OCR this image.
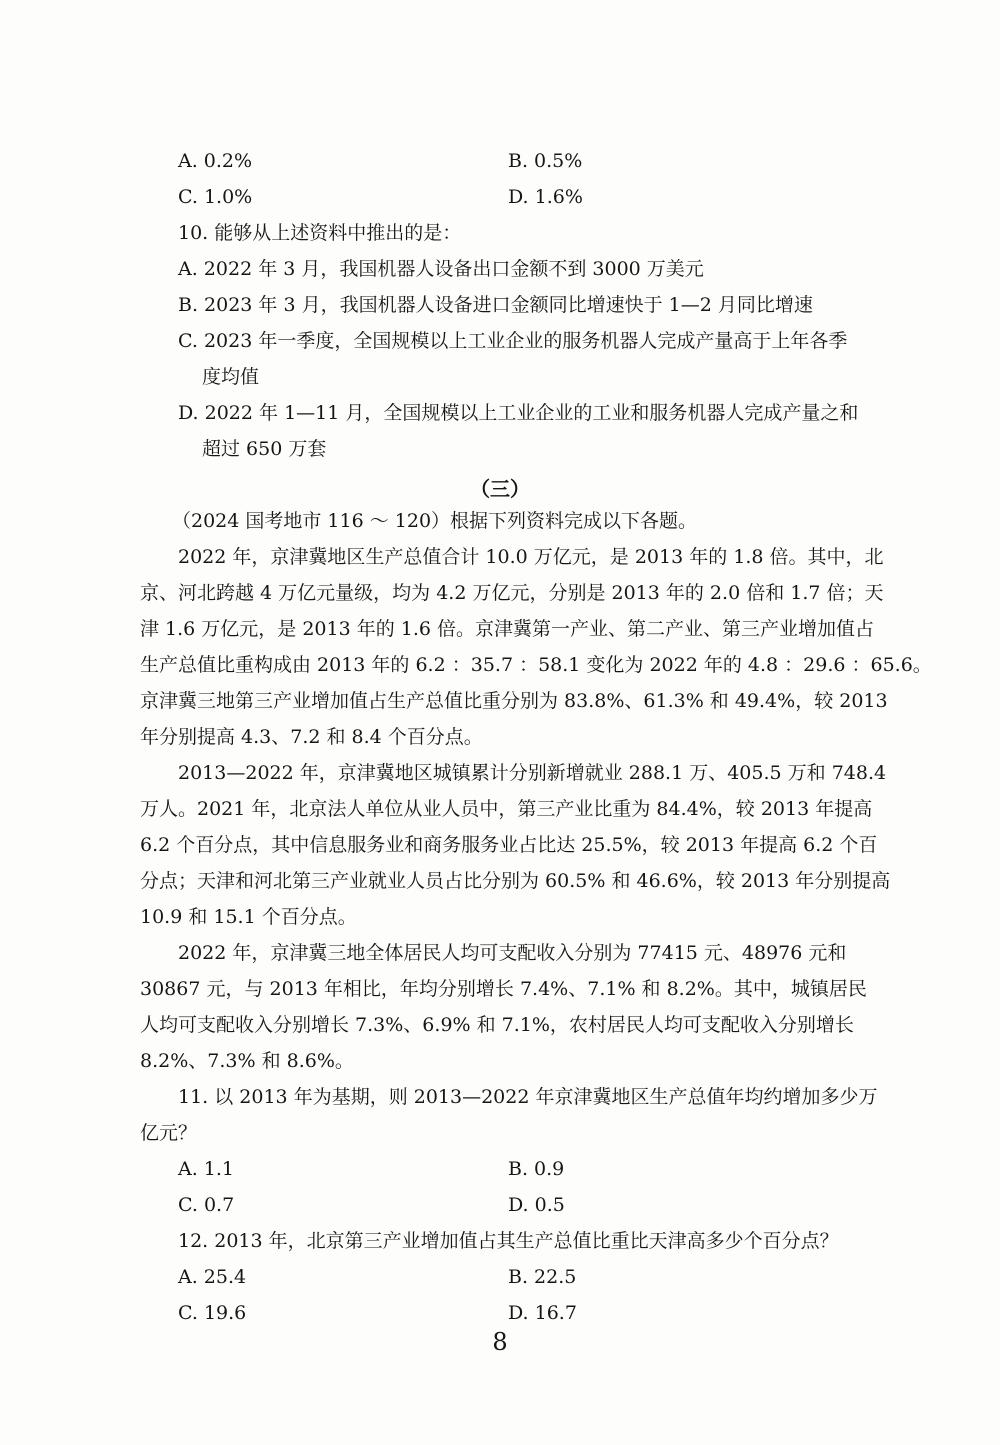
A. 0.2%	B. 0.5%
C. 1.0%	D. 1.6%
10. 能够从上述资料中推出的是：
A. 2022 年 3 月，我国机器人设备出口金额不到 3000 万美元
B. 2023 年 3 月，我国机器人设备进口金额同比增速快于 1—2 月同比增速
C. 2023 年一季度，全国规模以上工业企业的服务机器人完成产量高于上年各季
度均值
D. 2022 年 1—11 月，全国规模以上工业企业的工业和服务机器人完成产量之和
超过 650 万套
（三）
（2024 国考地市 116 ～ 120）根据下列资料完成以下各题。
2022 年，京津冀地区生产总值合计 10.0 万亿元，是 2013 年的 1.8 倍。其中，北
京、河北跨越 4 万亿元量级，均为 4.2 万亿元，分别是 2013 年的 2.0 倍和 1.7 倍；天
津 1.6 万亿元，是 2013 年的 1.6 倍。京津冀第一产业、第二产业、第三产业增加值占
生产总值比重构成由 2013 年的 6.2 ：35.7 ：58.1 变化为 2022 年的 4.8 ：29.6 ：65.6。
京津冀三地第三产业增加值占生产总值比重分别为 83.8%、61.3% 和 49.4%，较 2013
年分别提高 4.3、7.2 和 8.4 个百分点。
2013—2022 年，京津冀地区城镇累计分别新增就业 288.1 万、405.5 万和 748.4
万人。2021 年，北京法人单位从业人员中，第三产业比重为 84.4%，较 2013 年提高
6.2 个百分点，其中信息服务业和商务服务业占比达 25.5%，较 2013 年提高 6.2 个百
分点；天津和河北第三产业就业人员占比分别为 60.5% 和 46.6%，较 2013 年分别提高
10.9 和 15.1 个百分点。
2022 年，京津冀三地全体居民人均可支配收入分别为 77415 元、48976 元和
30867 元，与 2013 年相比，年均分别增长 7.4%、7.1% 和 8.2%。其中，城镇居民
人均可支配收入分别增长 7.3%、6.9% 和 7.1%，农村居民人均可支配收入分别增长
8.2%、7.3% 和 8.6%。
11. 以 2013 年为基期，则 2013—2022 年京津冀地区生产总值年均约增加多少万
亿元？
A. 1.1	B. 0.9
C. 0.7	D. 0.5
12. 2013 年，北京第三产业增加值占其生产总值比重比天津高多少个百分点？
A. 25.4	B. 22.5
C. 19.6	D. 16.7
8
